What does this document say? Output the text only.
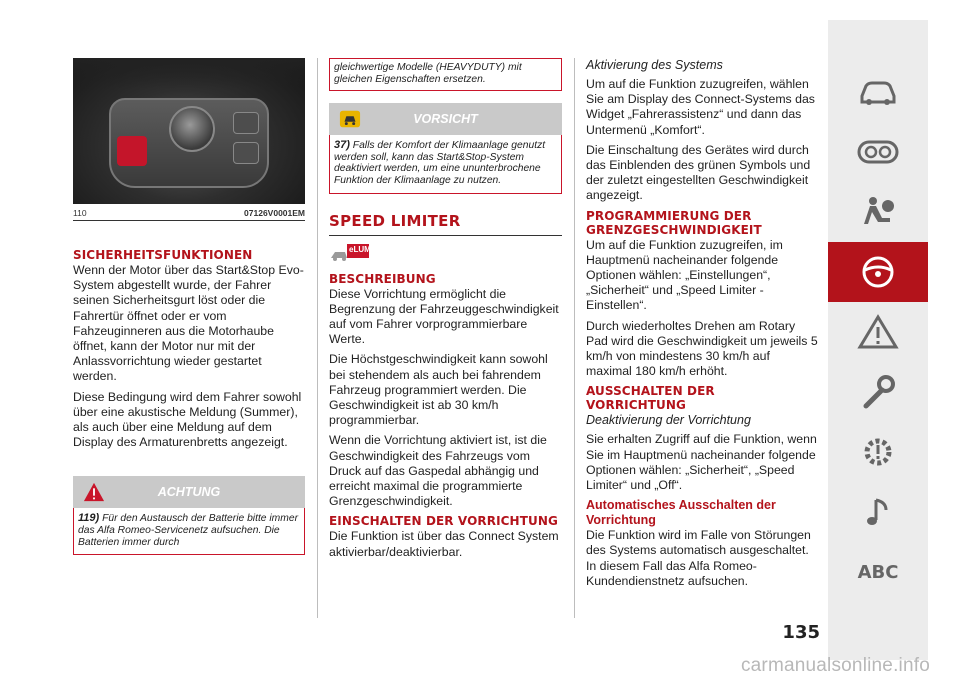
110	07126V0001EM
SICHERHEITSFUNKTIONEN

Wenn der Motor über das Start&Stop Evo-System abgestellt wurde, der Fahrer seinen Sicherheitsgurt löst oder die Fahrertür öffnet oder er vom Fahzeuginneren aus die Motorhaube öffnet, kann der Motor nur mit der Anlassvorrichtung wieder gestartet werden.

Diese Bedingung wird dem Fahrer sowohl über eine akustische Meldung (Summer), als auch über eine Meldung auf dem Display des Armaturenbretts angezeigt.

ACHTUNG

119) Für den Austausch der Batterie bitte immer das Alfa Romeo-Servicenetz aufsuchen. Die Batterien immer durch

gleichwertige Modelle (HEAVYDUTY) mit gleichen Eigenschaften ersetzen.

VORSICHT

37) Falls der Komfort der Klimaanlage genutzt werden soll, kann das Start&Stop-System deaktiviert werden, um eine ununterbrochene Funktion der Klimaanlage zu nutzen.

SPEED LIMITER
eLUM
BESCHREIBUNG

Diese Vorrichtung ermöglicht die Begrenzung der Fahrzeuggeschwindigkeit auf vom Fahrer vorprogrammierbare Werte.

Die Höchstgeschwindigkeit kann sowohl bei stehendem als auch bei fahrendem Fahrzeug programmiert werden. Die Geschwindigkeit ist ab 30 km/h programmierbar.

Wenn die Vorrichtung aktiviert ist, ist die Geschwindigkeit des Fahrzeugs vom Druck auf das Gaspedal abhängig und erreicht maximal die programmierte Grenzgeschwindigkeit.

EINSCHALTEN DER VORRICHTUNG

Die Funktion ist über das Connect System aktivierbar/deaktivierbar.

Aktivierung des Systems

Um auf die Funktion zuzugreifen, wählen Sie am Display des Connect-Systems das Widget „Fahrerassistenz“ und dann das Untermenü „Komfort“.

Die Einschaltung des Gerätes wird durch das Einblenden des grünen Symbols und der zuletzt eingestellten Geschwindigkeit angezeigt.

PROGRAMMIERUNG DER GRENZGESCHWINDIGKEIT

Um auf die Funktion zuzugreifen, im Hauptmenü nacheinander folgende Optionen wählen: „Einstellungen“, „Sicherheit“ und „Speed Limiter - Einstellen“.

Durch wiederholtes Drehen am Rotary Pad wird die Geschwindigkeit um jeweils 5 km/h von mindestens 30 km/h auf maximal 180 km/h erhöht.

AUSSCHALTEN DER VORRICHTUNG
Deaktivierung der Vorrichtung

Sie erhalten Zugriff auf die Funktion, wenn Sie im Hauptmenü nacheinander folgende Optionen wählen: „Sicherheit“, „Speed Limiter“ und „Off“.

Automatisches Ausschalten der Vorrichtung

Die Funktion wird im Falle von Störungen des Systems automatisch ausgeschaltet. In diesem Fall das Alfa Romeo-Kundendienstnetz aufsuchen.

135
ABC
carmanualsonline.info
